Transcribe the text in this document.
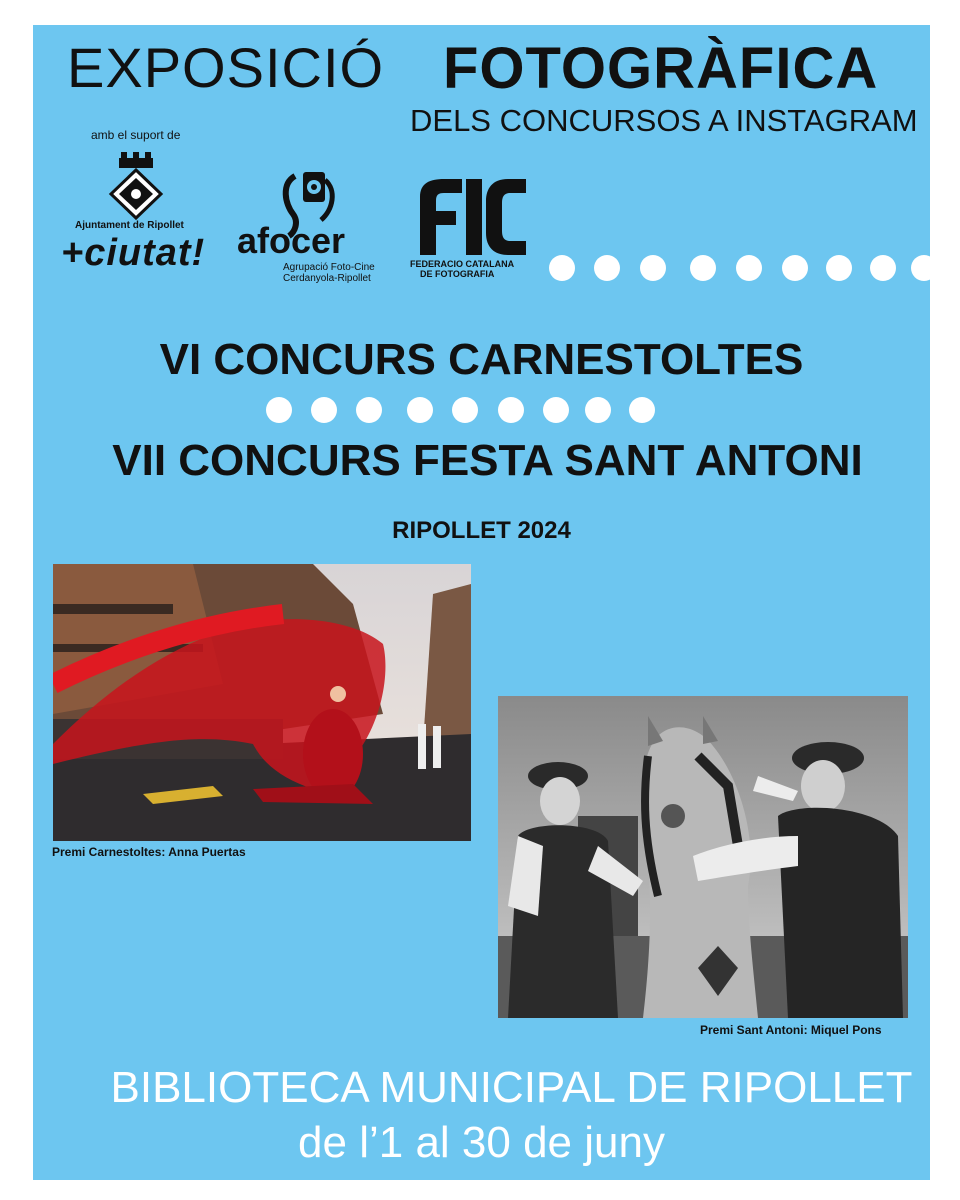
EXPOSICIÓ FOTOGRÀFICA
DELS CONCURSOS A INSTAGRAM
amb el suport de
Ajuntament de Ripollet
+ciutat! afocer
Agrupació Foto-Cine
Cerdanyola-Ripollet
FEDERACIO CATALANA
DE FOTOGRAFIA
VI CONCURS CARNESTOLTES
VII CONCURS FESTA SANT ANTONI
RIPOLLET 2024
Premi Carnestoltes: Anna Puertas
Premi Sant Antoni: Miquel Pons
BIBLIOTECA MUNICIPAL DE RIPOLLET
de l’1 al 30 de juny
